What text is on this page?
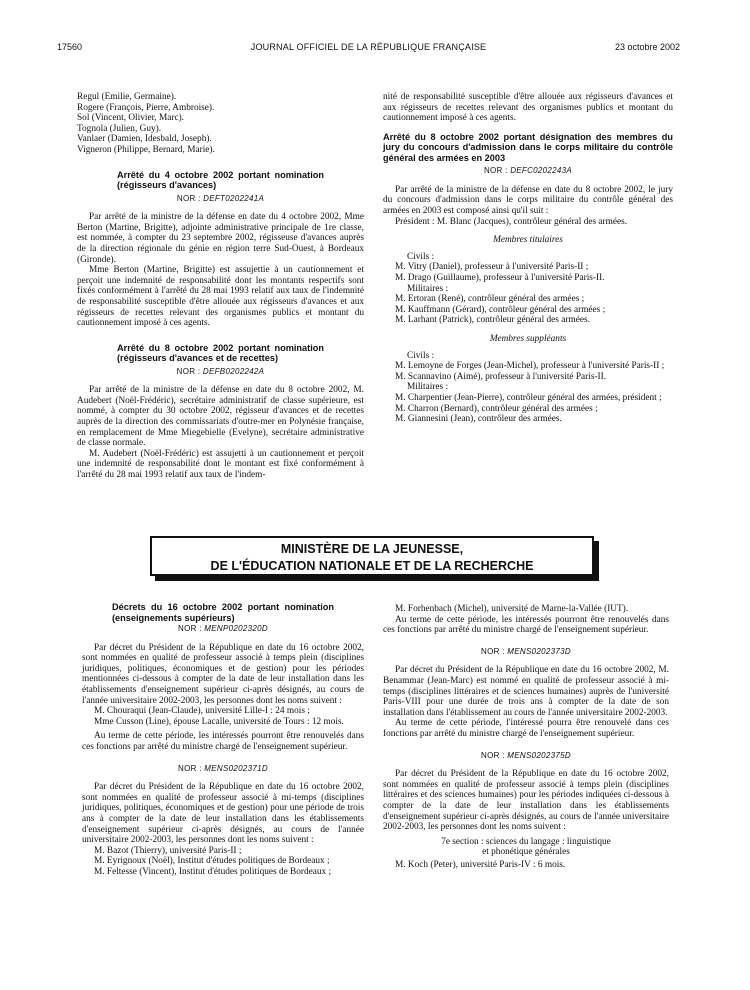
17560	JOURNAL OFFICIEL DE LA RÉPUBLIQUE FRANÇAISE	23 octobre 2002
Regul (Emilie, Germaine).
Rogere (François, Pierre, Ambroise).
Sol (Vincent, Olivier, Marc).
Tognola (Julien, Guy).
Vanlaer (Damien, Idesbald, Joseph).
Vigneron (Philippe, Bernard, Marie).

Arrêté du 4 octobre 2002 portant nomination (régisseurs d'avances)

NOR : DEFT0202241A

Par arrêté de la ministre de la défense en date du 4 octobre 2002, Mme Berton (Martine, Brigitte), adjointe administrative principale de 1re classe, est nommée, à compter du 23 septembre 2002, régisseuse d'avances auprès de la direction régionale du génie en région terre Sud-Ouest, à Bordeaux (Gironde).

Mme Berton (Martine, Brigitte) est assujettie à un cautionnement et perçoit une indemnité de responsabilité dont les montants respectifs sont fixés conformément à l'arrêté du 28 mai 1993 relatif aux taux de l'indemnité de responsabilité susceptible d'être allouée aux régisseurs d'avances et aux régisseurs de recettes relevant des organismes publics et montant du cautionnement imposé à ces agents.

Arrêté du 8 octobre 2002 portant nomination (régisseurs d'avances et de recettes)

NOR : DEFB0202242A

Par arrêté de la ministre de la défense en date du 8 octobre 2002, M. Audebert (Noël-Frédéric), secrétaire administratif de classe supérieure, est nommé, à compter du 30 octobre 2002, régisseur d'avances et de recettes auprès de la direction des commissariats d'outre-mer en Polynésie française, en remplacement de Mme Miegebielle (Evelyne), secrétaire administrative de classe normale.

M. Audebert (Noël-Frédéric) est assujetti à un cautionnement et perçoit une indemnité de responsabilité dont le montant est fixé conformément à l'arrêté du 28 mai 1993 relatif aux taux de l'indem-

nité de responsabilité susceptible d'être allouée aux régisseurs d'avances et aux régisseurs de recettes relevant des organismes publics et montant du cautionnement imposé à ces agents.

Arrêté du 8 octobre 2002 portant désignation des membres du jury du concours d'admission dans le corps militaire du contrôle général des armées en 2003

NOR : DEFC0202243A

Par arrêté de la ministre de la défense en date du 8 octobre 2002, le jury du concours d'admission dans le corps militaire du contrôle général des armées en 2003 est composé ainsi qu'il suit :

Président : M. Blanc (Jacques), contrôleur général des armées.

Membres titulaires
Civils :
M. Vitry (Daniel), professeur à l'université Paris-II ;
M. Drago (Guillaume), professeur à l'université Paris-II.
Militaires :
M. Ertoran (René), contrôleur général des armées ;
M. Kauffmann (Gérard), contrôleur général des armées ;
M. Larhant (Patrick), contrôleur général des armées.
Membres suppléants
Civils :

M. Lemoyne de Forges (Jean-Michel), professeur à l'université Paris-II ;

M. Scannavino (Aimé), professeur à l'université Paris-II.
Militaires :

M. Charpentier (Jean-Pierre), contrôleur général des armées, président ;

M. Charron (Bernard), contrôleur général des armées ;
M. Giannesini (Jean), contrôleur des armées.
MINISTÈRE DE LA JEUNESSE,
DE L'ÉDUCATION NATIONALE ET DE LA RECHERCHE

Décrets du 16 octobre 2002 portant nomination (enseignements supérieurs)

NOR : MENP0202320D

Par décret du Président de la République en date du 16 octobre 2002, sont nommées en qualité de professeur associé à temps plein (disciplines juridiques, politiques, économiques et de gestion) pour les périodes mentionnées ci-dessous à compter de la date de leur installation dans les établissements d'enseignement supérieur ci-après désignés, au cours de l'année universitaire 2002-2003, les personnes dont les noms suivent :

M. Chouraqui (Jean-Claude), université Lille-I : 24 mois ;

Mme Cusson (Line), épouse Lacalle, université de Tours : 12 mois.

Au terme de cette période, les intéressés pourront être renouvelés dans ces fonctions par arrêté du ministre chargé de l'enseignement supérieur.

NOR : MENS0202371D

Par décret du Président de la République en date du 16 octobre 2002, sont nommées en qualité de professeur associé à mi-temps (disciplines juridiques, politiques, économiques et de gestion) pour une période de trois ans à compter de la date de leur installation dans les établissements d'enseignement supérieur ci-après désignés, au cours de l'année universitaire 2002-2003, les personnes dont les noms suivent :

M. Bazot (Thierry), université Paris-II ;

M. Eyrignoux (Noël), Institut d'études politiques de Bordeaux ;

M. Feltesse (Vincent), Institut d'études politiques de Bordeaux ;

M. Forhenbach (Michel), université de Marne-la-Vallée (IUT).

Au terme de cette période, les intéressés pourront être renouvelés dans ces fonctions par arrêté du ministre chargé de l'enseignement supérieur.

NOR : MENS0202373D

Par décret du Président de la République en date du 16 octobre 2002, M. Benammar (Jean-Marc) est nommé en qualité de professeur associé à mi-temps (disciplines littéraires et de sciences humaines) auprès de l'université Paris-VIII pour une durée de trois ans à compter de la date de son installation dans l'établissement au cours de l'année universitaire 2002-2003.

Au terme de cette période, l'intéressé pourra être renouvelé dans ces fonctions par arrêté du ministre chargé de l'enseignement supérieur.

NOR : MENS0202375D

Par décret du Président de la République en date du 16 octobre 2002, sont nommées en qualité de professeur associé à temps plein (disciplines littéraires et des sciences humaines) pour les périodes indiquées ci-dessous à compter de la date de leur installation dans les établissements d'enseignement supérieur ci-après désignés, au cours de l'année universitaire 2002-2003, les personnes dont les noms suivent :

7e section : sciences du langage : linguistique
et phonétique générales

M. Koch (Peter), université Paris-IV : 6 mois.
